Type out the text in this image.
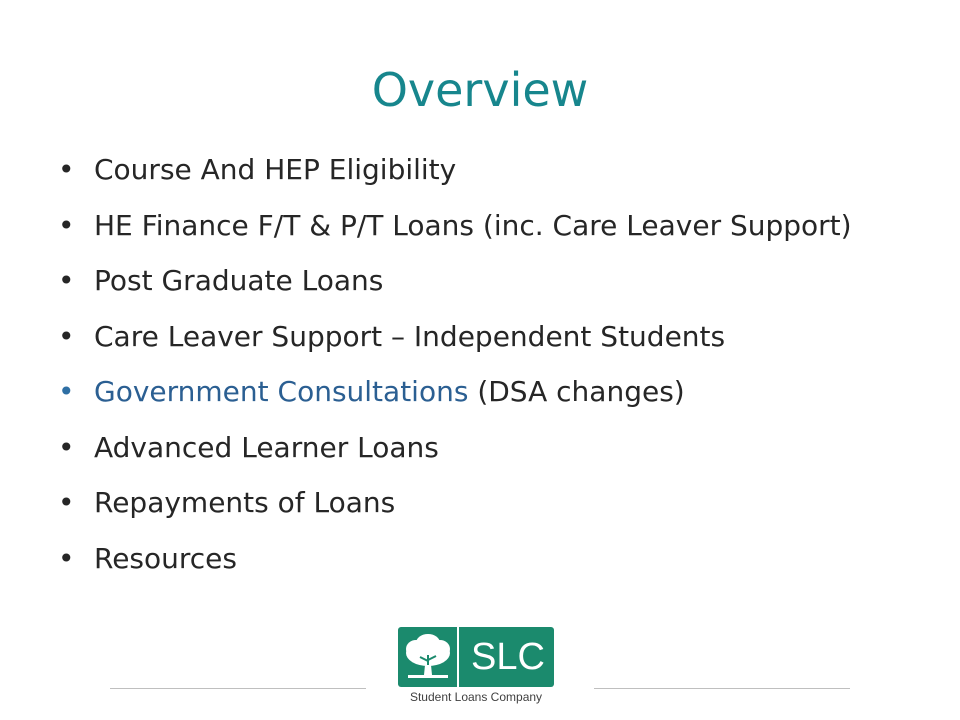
Overview
• Course And HEP Eligibility
• HE Finance F/T & P/T Loans (inc. Care Leaver Support)
• Post Graduate Loans
• Care Leaver Support – Independent Students
• Government Consultations (DSA changes)
• Advanced Learner Loans
• Repayments of Loans
• Resources
SLC
Student Loans Company
